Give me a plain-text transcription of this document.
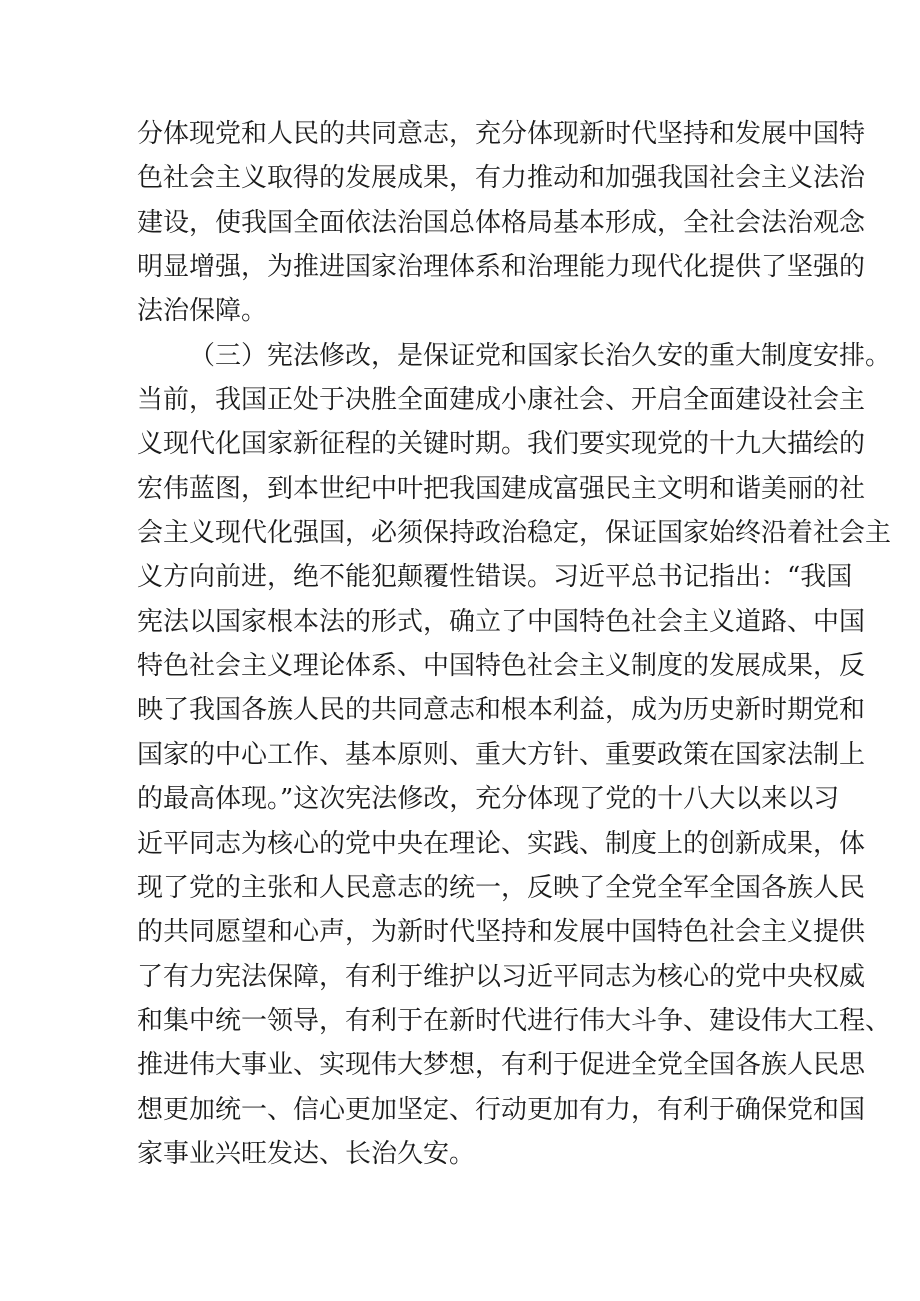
分体现党和人民的共同意志，充分体现新时代坚持和发展中国特
色社会主义取得的发展成果，有力推动和加强我国社会主义法治
建设，使我国全面依法治国总体格局基本形成，全社会法治观念
明显增强，为推进国家治理体系和治理能力现代化提供了坚强的
法治保障。
（三）宪法修改，是保证党和国家长治久安的重大制度安排。
当前，我国正处于决胜全面建成小康社会、开启全面建设社会主
义现代化国家新征程的关键时期。我们要实现党的十九大描绘的
宏伟蓝图，到本世纪中叶把我国建成富强民主文明和谐美丽的社
会主义现代化强国，必须保持政治稳定，保证国家始终沿着社会主
义方向前进，绝不能犯颠覆性错误。习近平总书记指出：“我国
宪法以国家根本法的形式，确立了中国特色社会主义道路、中国
特色社会主义理论体系、中国特色社会主义制度的发展成果，反
映了我国各族人民的共同意志和根本利益，成为历史新时期党和
国家的中心工作、基本原则、重大方针、重要政策在国家法制上
的最高体现。”这次宪法修改，充分体现了党的十八大以来以习
近平同志为核心的党中央在理论、实践、制度上的创新成果，体
现了党的主张和人民意志的统一，反映了全党全军全国各族人民
的共同愿望和心声，为新时代坚持和发展中国特色社会主义提供
了有力宪法保障，有利于维护以习近平同志为核心的党中央权威
和集中统一领导，有利于在新时代进行伟大斗争、建设伟大工程、
推进伟大事业、实现伟大梦想，有利于促进全党全国各族人民思
想更加统一、信心更加坚定、行动更加有力，有利于确保党和国
家事业兴旺发达、长治久安。
